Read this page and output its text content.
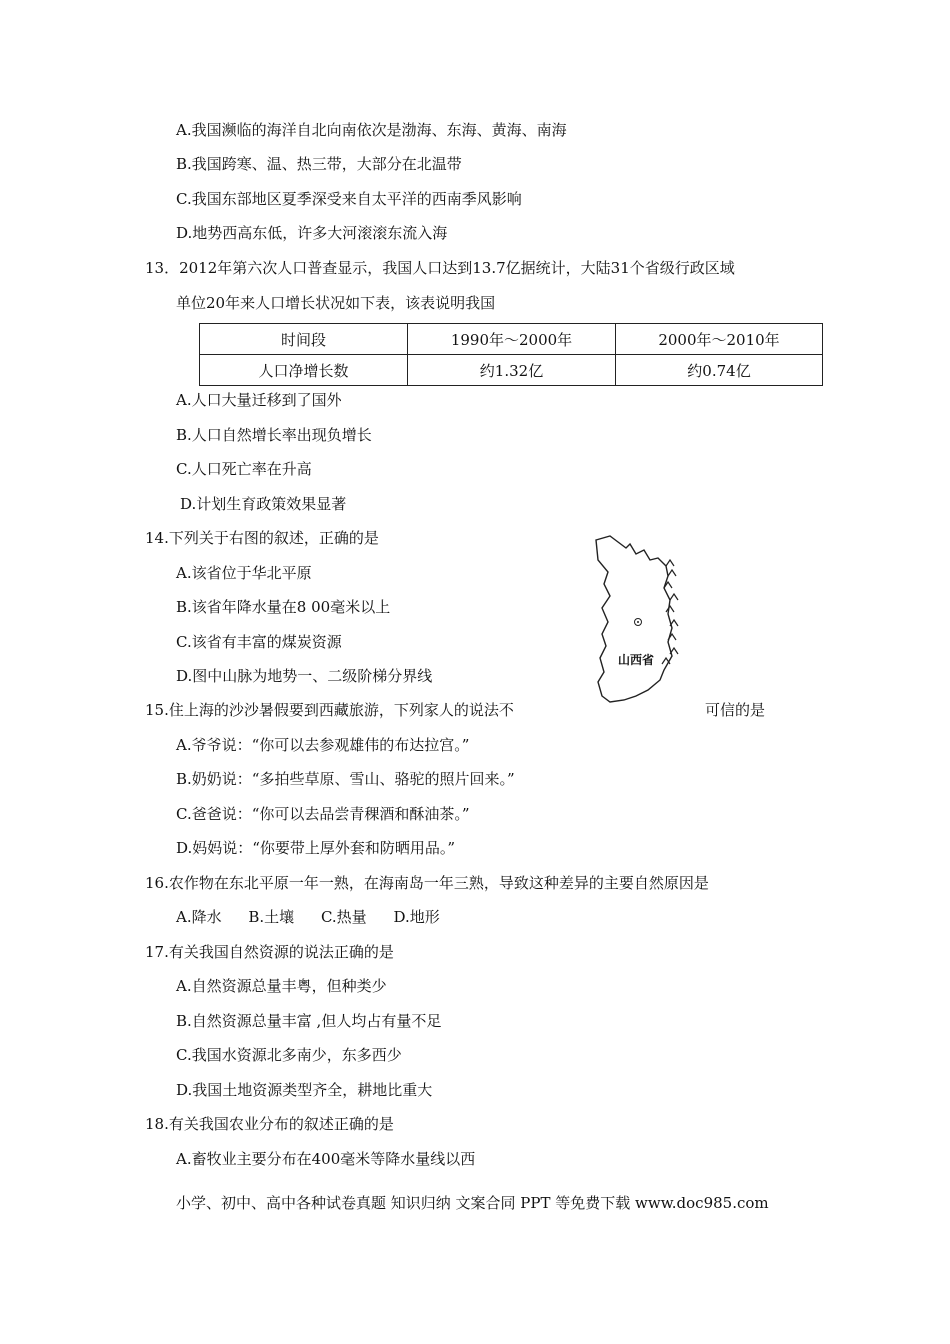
A.我国濒临的海洋自北向南依次是渤海、东海、黄海、南海
B.我国跨寒、温、热三带，大部分在北温带
C.我国东部地区夏季深受来自太平洋的西南季风影响
D.地势西高东低，许多大河滚滚东流入海
13．2012年第六次人口普查显示，我国人口达到13.7亿据统计，大陆31个省级行政区域
单位20年来人口增长状况如下表，该表说明我国
时间段	1990年～2000年	2000年～2010年
人口净增长数	约1.32亿	约0.74亿
A.人口大量迁移到了国外
B.人口自然增长率出现负增长
C.人口死亡率在升高
D.计划生育政策效果显著
14.下列关于右图的叙述，正确的是
A.该省位于华北平原
B.该省年降水量在8 00毫米以上
C.该省有丰富的煤炭资源
D.图中山脉为地势一、二级阶梯分界线
山西省
15.住上海的沙沙暑假要到西藏旅游，下列家人的说法不	可信的是
A.爷爷说：“你可以去参观雄伟的布达拉宫。”
B.奶奶说：“多拍些草原、雪山、骆驼的照片回来。”
C.爸爸说：“你可以去品尝青稞酒和酥油茶。”
D.妈妈说：“你要带上厚外套和防晒用品。”
16.农作物在东北平原一年一熟，在海南岛一年三熟，导致这种差异的主要自然原因是
A.降水 B.土壤 C.热量 D.地形
17.有关我国自然资源的说法正确的是
A.自然资源总量丰粤，但种类少
B.自然资源总量丰富 ,但人均占有量不足
C.我国水资源北多南少，东多西少
D.我国土地资源类型齐全，耕地比重大
18.有关我国农业分布的叙述正确的是
A.畜牧业主要分布在400毫米等降水量线以西
小学、初中、高中各种试卷真题 知识归纳 文案合同 PPT 等免费下载 www.doc985.com
